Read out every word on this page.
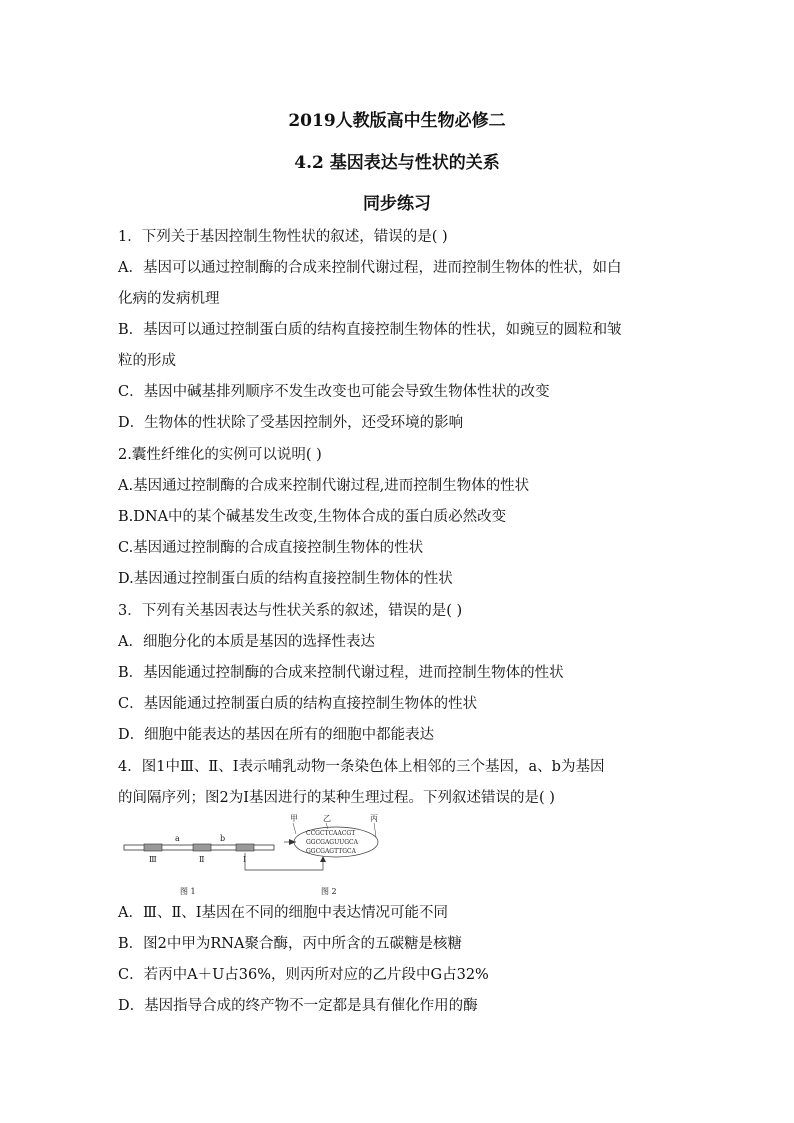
2019人教版高中生物必修二
4.2 基因表达与性状的关系
同步练习
1．下列关于基因控制生物性状的叙述，错误的是( )
A．基因可以通过控制酶的合成来控制代谢过程，进而控制生物体的性状，如白
化病的发病机理
B．基因可以通过控制蛋白质的结构直接控制生物体的性状，如豌豆的圆粒和皱
粒的形成
C．基因中碱基排列顺序不发生改变也可能会导致生物体性状的改变
D．生物体的性状除了受基因控制外，还受环境的影响
2.囊性纤维化的实例可以说明( )
A.基因通过控制酶的合成来控制代谢过程,进而控制生物体的性状
B.DNA中的某个碱基发生改变,生物体合成的蛋白质必然改变
C.基因通过控制酶的合成直接控制生物体的性状
D.基因通过控制蛋白质的结构直接控制生物体的性状
3．下列有关基因表达与性状关系的叙述，错误的是( )
A．细胞分化的本质是基因的选择性表达
B．基因能通过控制酶的合成来控制代谢过程，进而控制生物体的性状
C．基因能通过控制蛋白质的结构直接控制生物体的性状
D．细胞中能表达的基因在所有的细胞中都能表达
4．图1中Ⅲ、Ⅱ、Ⅰ表示哺乳动物一条染色体上相邻的三个基因，a、b为基因
的间隔序列；图2为Ⅰ基因进行的某种生理过程。下列叙述错误的是( )
Ⅲ	Ⅱ	Ⅰ
a	b
甲	乙	丙
CCGCTCAACGT
GGCGAGUUGCA
GGCGAGTTGCA
图 1	图 2
A．Ⅲ、Ⅱ、Ⅰ基因在不同的细胞中表达情况可能不同
B．图2中甲为RNA聚合酶，丙中所含的五碳糖是核糖
C．若丙中A＋U占36%，则丙所对应的乙片段中G占32%
D．基因指导合成的终产物不一定都是具有催化作用的酶
